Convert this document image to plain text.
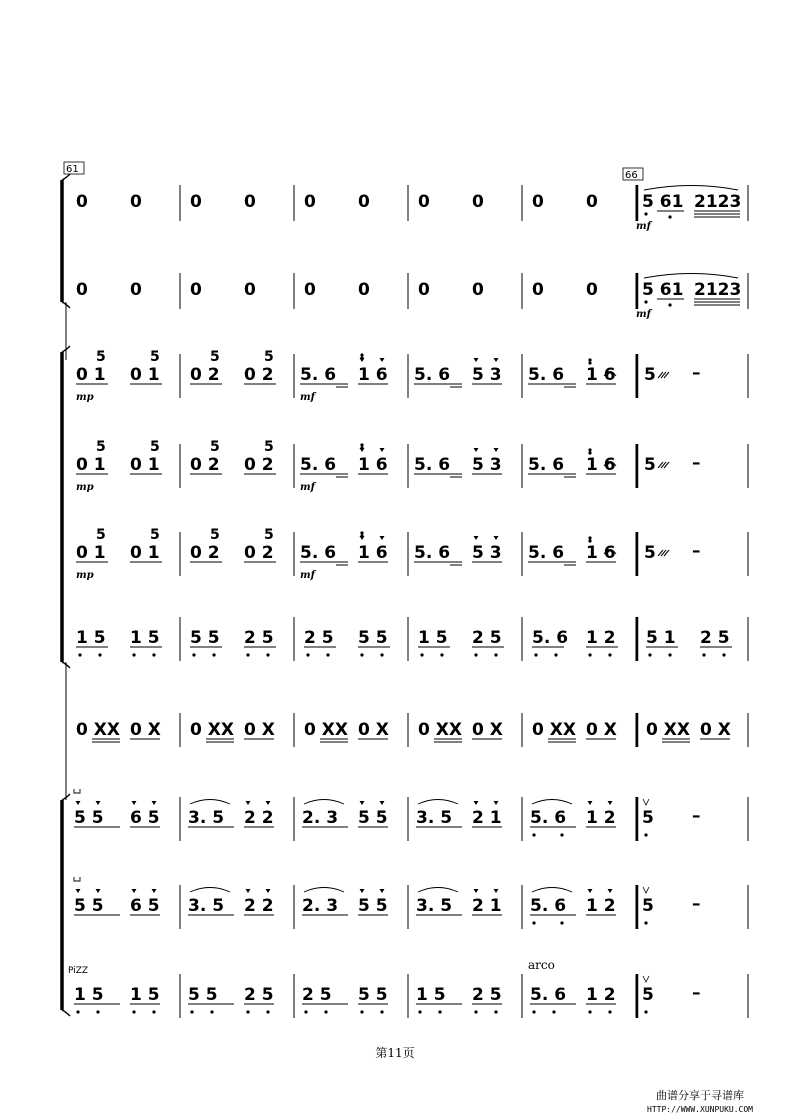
61
66
0 0	0 0	0 0	0 0	0 0	5 61 2123
mf
0 0	0 0	0 0	0 0	0 0	5 61 2123
mf
0 1 0 1
5	5
0 2 0 2
5	5
mp
5. 6 1 6 5. 6 5 3 5. 6 1 6
mf
5 –
0 1 0 1
5	5
0 2 0 2
5	5
mp
5. 6 1 6 5. 6 5 3 5. 6 1 6
mf
5 –
0 1 0 1
5	5
0 2 0 2
5	5
mp
5. 6 1 6 5. 6 5 3 5. 6 1 6
mf
5 –
1 5 1 5 5 5 2 5 2 5 5 5 1 5 2 5 5. 6 1 2 5 1 2 5
0 XX 0 X 0 XX 0 X 0 XX 0 X 0 XX 0 X 0 XX 0 X 0 XX 0 X
5 5 6 5 3. 5 2 2 2. 3 5 5 3. 5 2 1 5. 6 1 2 5 –
5 5 6 5 3. 5 2 2 2. 3 5 5 3. 5 2 1 5. 6 1 2 5 –
1 5 1 5 5 5 2 5 2 5 5 5 1 5 2 5 5. 6 1 2 5 –
PiZZ	arco
第11页
曲谱分享于寻谱库
HTTP://WWW.XUNPUKU.COM
